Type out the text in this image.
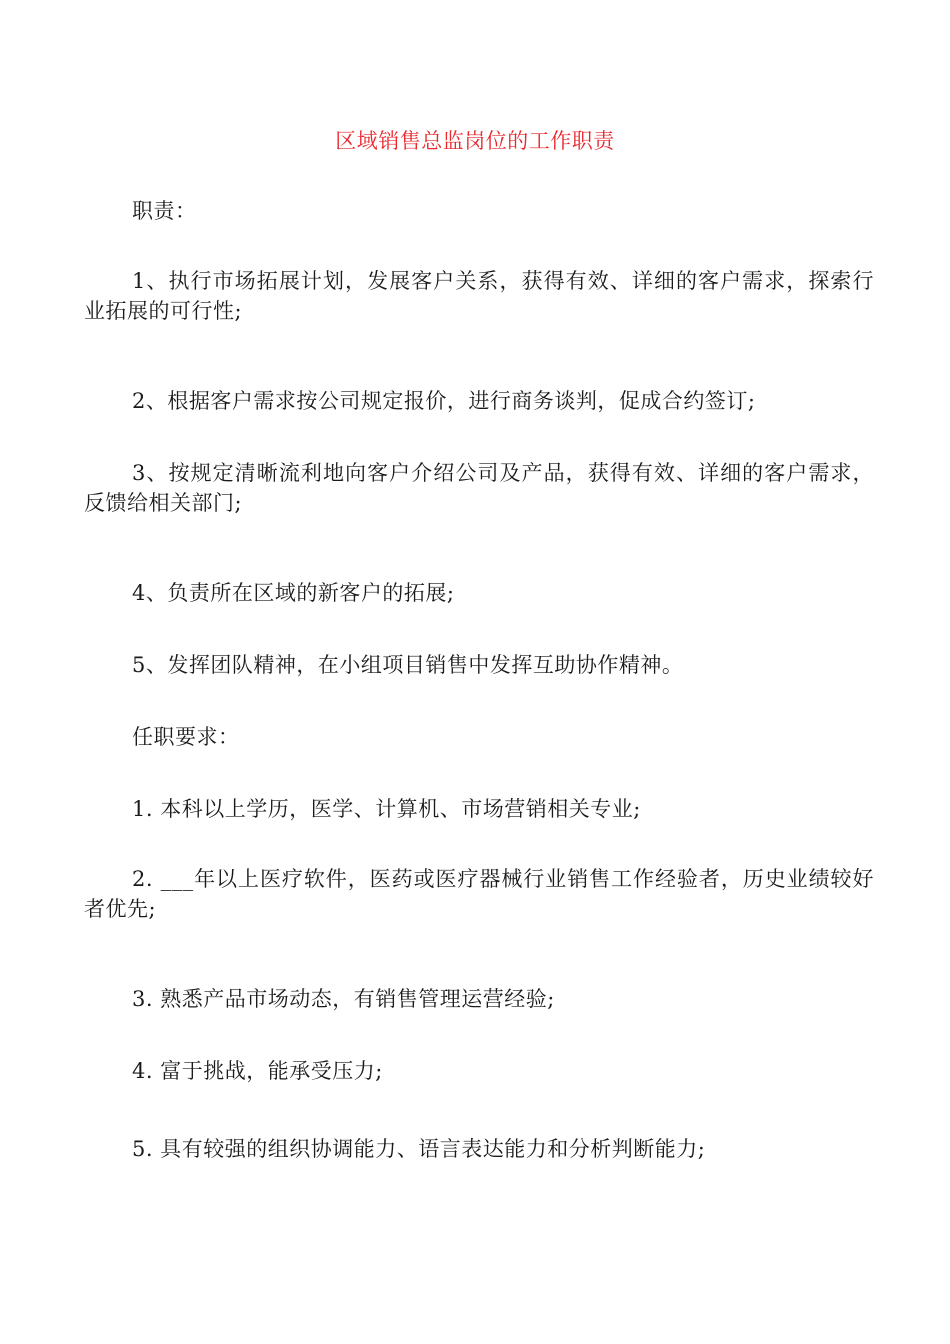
区域销售总监岗位的工作职责

职责：

1、执行市场拓展计划，发展客户关系，获得有效、详细的客户需求，探索行业拓展的可行性;

2、根据客户需求按公司规定报价，进行商务谈判，促成合约签订;

3、按规定清晰流利地向客户介绍公司及产品，获得有效、详细的客户需求，反馈给相关部门;

4、负责所在区域的新客户的拓展;

5、发挥团队精神，在小组项目销售中发挥互助协作精神。

任职要求：

1. 本科以上学历，医学、计算机、市场营销相关专业;

2. ___年以上医疗软件，医药或医疗器械行业销售工作经验者，历史业绩较好者优先;

3. 熟悉产品市场动态，有销售管理运营经验;

4. 富于挑战，能承受压力;

5. 具有较强的组织协调能力、语言表达能力和分析判断能力;
